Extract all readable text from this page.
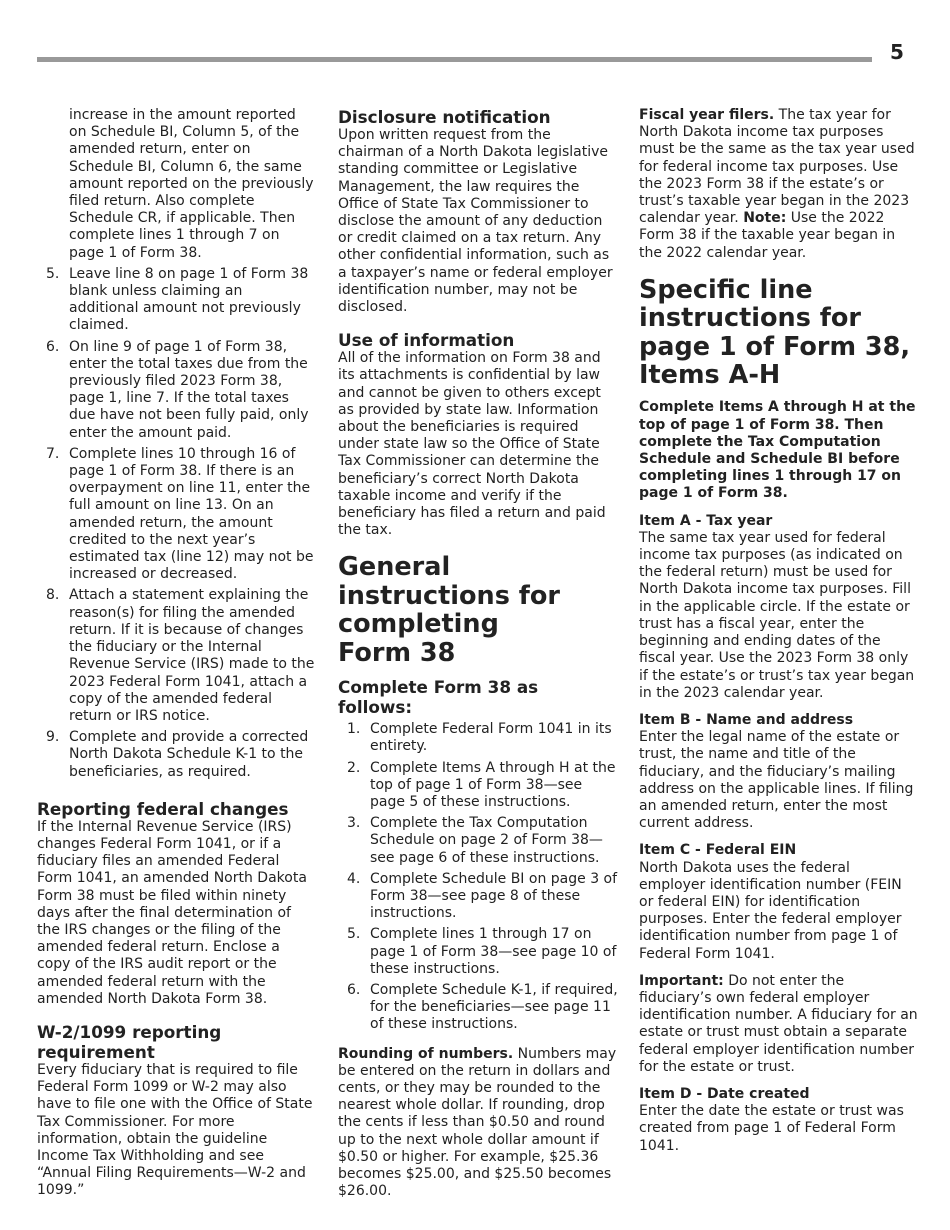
5

increase in the amount reported on Schedule BI, Column 5, of the amended return, enter on Schedule BI, Column 6, the same amount reported on the previously filed return. Also complete Schedule CR, if applicable. Then complete lines 1 through 7 on page 1 of Form 38.

5. Leave line 8 on page 1 of Form 38 blank unless claiming an additional amount not previously claimed.
6. On line 9 of page 1 of Form 38, enter the total taxes due from the previously filed 2023 Form 38, page 1, line 7. If the total taxes due have not been fully paid, only enter the amount paid.
7. Complete lines 10 through 16 of page 1 of Form 38. If there is an overpayment on line 11, enter the full amount on line 13. On an amended return, the amount credited to the next year’s estimated tax (line 12) may not be increased or decreased.
8. Attach a statement explaining the reason(s) for filing the amended return. If it is because of changes the fiduciary or the Internal Revenue Service (IRS) made to the 2023 Federal Form 1041, attach a copy of the amended federal return or IRS notice.
9. Complete and provide a corrected North Dakota Schedule K-1 to the beneficiaries, as required.
Reporting federal changes

If the Internal Revenue Service (IRS) changes Federal Form 1041, or if a fiduciary files an amended Federal Form 1041, an amended North Dakota Form 38 must be filed within ninety days after the final determination of the IRS changes or the filing of the amended federal return. Enclose a copy of the IRS audit report or the amended federal return with the amended North Dakota Form 38.

W-2/1099 reporting requirement

Every fiduciary that is required to file Federal Form 1099 or W-2 may also have to file one with the Office of State Tax Commissioner. For more information, obtain the guideline Income Tax Withholding and see “Annual Filing Requirements—W-2 and 1099.”

Disclosure notification

Upon written request from the chairman of a North Dakota legislative standing committee or Legislative Management, the law requires the Office of State Tax Commissioner to disclose the amount of any deduction or credit claimed on a tax return. Any other confidential information, such as a taxpayer’s name or federal employer identification number, may not be disclosed.

Use of information

All of the information on Form 38 and its attachments is confidential by law and cannot be given to others except as provided by state law. Information about the beneficiaries is required under state law so the Office of State Tax Commissioner can determine the beneficiary’s correct North Dakota taxable income and verify if the beneficiary has filed a return and paid the tax.

General instructions for completing Form 38
Complete Form 38 as follows:
1. Complete Federal Form 1041 in its entirety.
2. Complete Items A through H at the top of page 1 of Form 38—see page 5 of these instructions.
3. Complete the Tax Computation Schedule on page 2 of Form 38—see page 6 of these instructions.
4. Complete Schedule BI on page 3 of Form 38—see page 8 of these instructions.
5. Complete lines 1 through 17 on page 1 of Form 38—see page 10 of these instructions.
6. Complete Schedule K-1, if required, for the beneficiaries—see page 11 of these instructions.

Rounding of numbers. Numbers may be entered on the return in dollars and cents, or they may be rounded to the nearest whole dollar. If rounding, drop the cents if less than $0.50 and round up to the next whole dollar amount if $0.50 or higher. For example, $25.36 becomes $25.00, and $25.50 becomes $26.00.

Fiscal year filers. The tax year for North Dakota income tax purposes must be the same as the tax year used for federal income tax purposes. Use the 2023 Form 38 if the estate’s or trust’s taxable year began in the 2023 calendar year. Note: Use the 2022 Form 38 if the taxable year began in the 2022 calendar year.

Specific line instructions for page 1 of Form 38, Items A-H

Complete Items A through H at the top of page 1 of Form 38. Then complete the Tax Computation Schedule and Schedule BI before completing lines 1 through 17 on page 1 of Form 38.

Item A - Tax year

The same tax year used for federal income tax purposes (as indicated on the federal return) must be used for North Dakota income tax purposes. Fill in the applicable circle. If the estate or trust has a fiscal year, enter the beginning and ending dates of the fiscal year. Use the 2023 Form 38 only if the estate’s or trust’s tax year began in the 2023 calendar year.

Item B - Name and address

Enter the legal name of the estate or trust, the name and title of the fiduciary, and the fiduciary’s mailing address on the applicable lines. If filing an amended return, enter the most current address.

Item C - Federal EIN

North Dakota uses the federal employer identification number (FEIN or federal EIN) for identification purposes. Enter the federal employer identification number from page 1 of Federal Form 1041.

Important: Do not enter the fiduciary’s own federal employer identification number. A fiduciary for an estate or trust must obtain a separate federal employer identification number for the estate or trust.

Item D - Date created

Enter the date the estate or trust was created from page 1 of Federal Form 1041.
